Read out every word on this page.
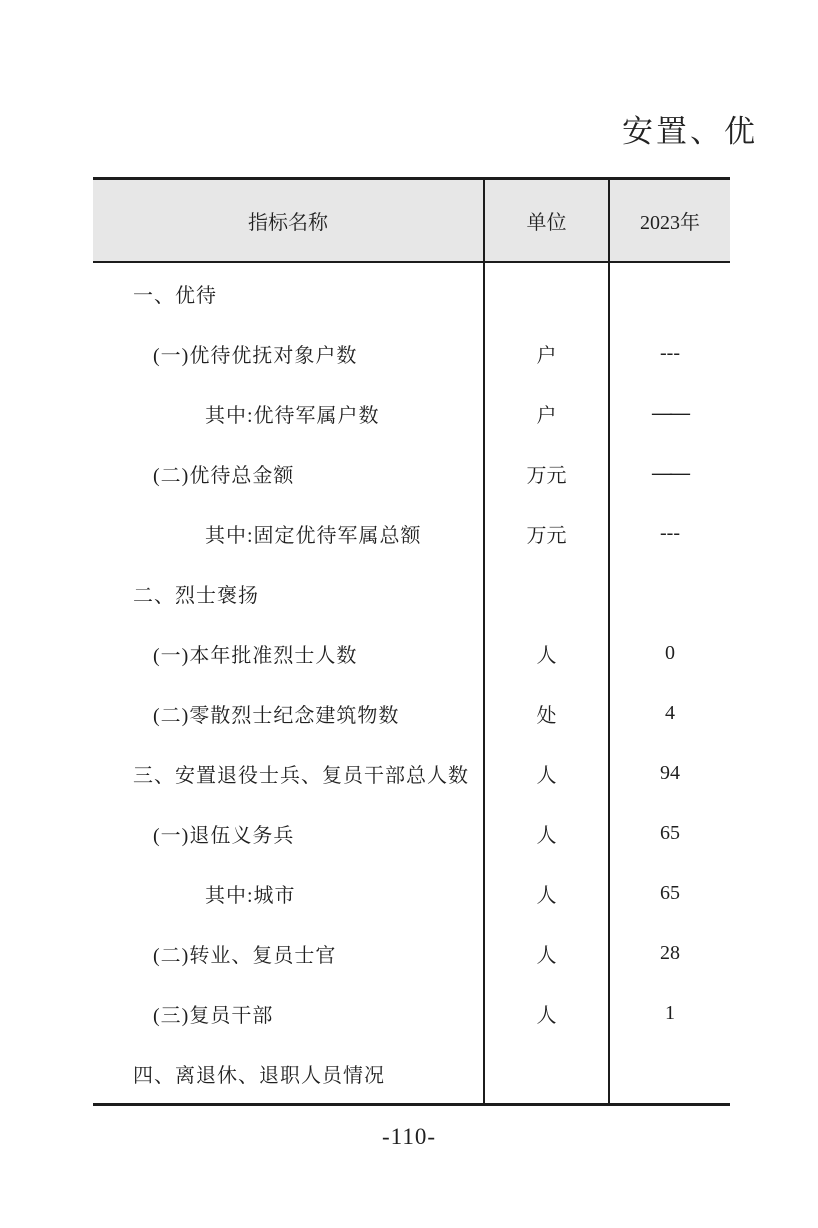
安置、优
指标名称	单位	2023年
一、优待
(一)优待优抚对象户数	户	---
其中:优待军属户数	户	——
(二)优待总金额	万元	——
其中:固定优待军属总额	万元	---
二、烈士褒扬
(一)本年批准烈士人数	人	0
(二)零散烈士纪念建筑物数	处	4
三、安置退役士兵、复员干部总人数	人	94
(一)退伍义务兵	人	65
其中:城市	人	65
(二)转业、复员士官	人	28
(三)复员干部	人	1
四、离退休、退职人员情况
-110-
